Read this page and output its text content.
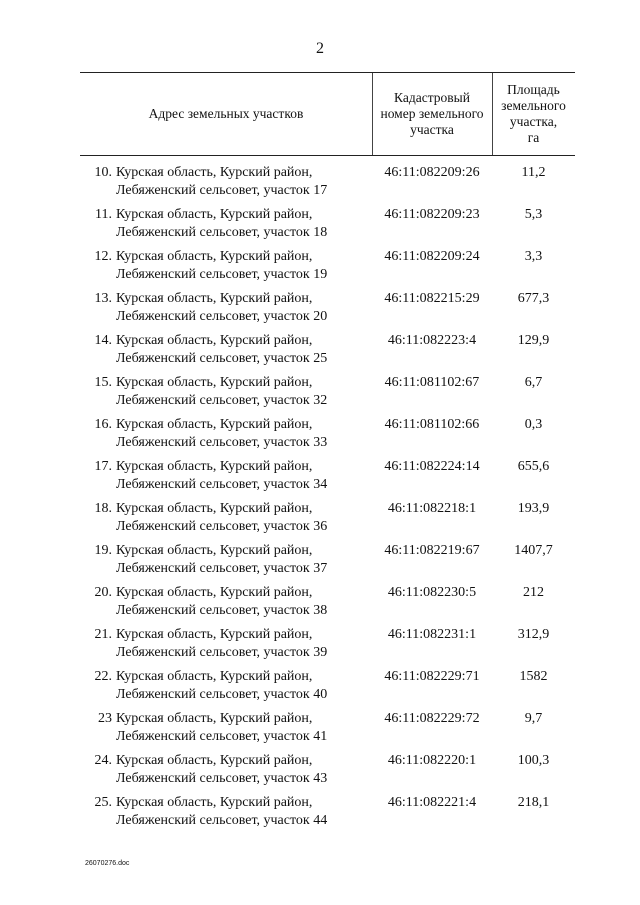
2
Адрес земельных участков
Кадастровый
номер земельного
участка
Площадь
земельного
участка,
га
10. Курская область, Курский район,
Лебяженский сельсовет, участок 17
46:11:082209:26	11,2
11. Курская область, Курский район,
Лебяженский сельсовет, участок 18
46:11:082209:23	5,3
12. Курская область, Курский район,
Лебяженский сельсовет, участок 19
46:11:082209:24	3,3
13. Курская область, Курский район,
Лебяженский сельсовет, участок 20
46:11:082215:29	677,3
14. Курская область, Курский район,
Лебяженский сельсовет, участок 25
46:11:082223:4	129,9
15. Курская область, Курский район,
Лебяженский сельсовет, участок 32
46:11:081102:67	6,7
16. Курская область, Курский район,
Лебяженский сельсовет, участок 33
46:11:081102:66	0,3
17. Курская область, Курский район,
Лебяженский сельсовет, участок 34
46:11:082224:14	655,6
18. Курская область, Курский район,
Лебяженский сельсовет, участок 36
46:11:082218:1	193,9
19. Курская область, Курский район,
Лебяженский сельсовет, участок 37
46:11:082219:67	1407,7
20. Курская область, Курский район,
Лебяженский сельсовет, участок 38
46:11:082230:5	212
21. Курская область, Курский район,
Лебяженский сельсовет, участок 39
46:11:082231:1	312,9
22. Курская область, Курский район,
Лебяженский сельсовет, участок 40
46:11:082229:71	1582
23 Курская область, Курский район,
Лебяженский сельсовет, участок 41
46:11:082229:72	9,7
24. Курская область, Курский район,
Лебяженский сельсовет, участок 43
46:11:082220:1	100,3
25. Курская область, Курский район,
Лебяженский сельсовет, участок 44
46:11:082221:4	218,1
26070276.doc
